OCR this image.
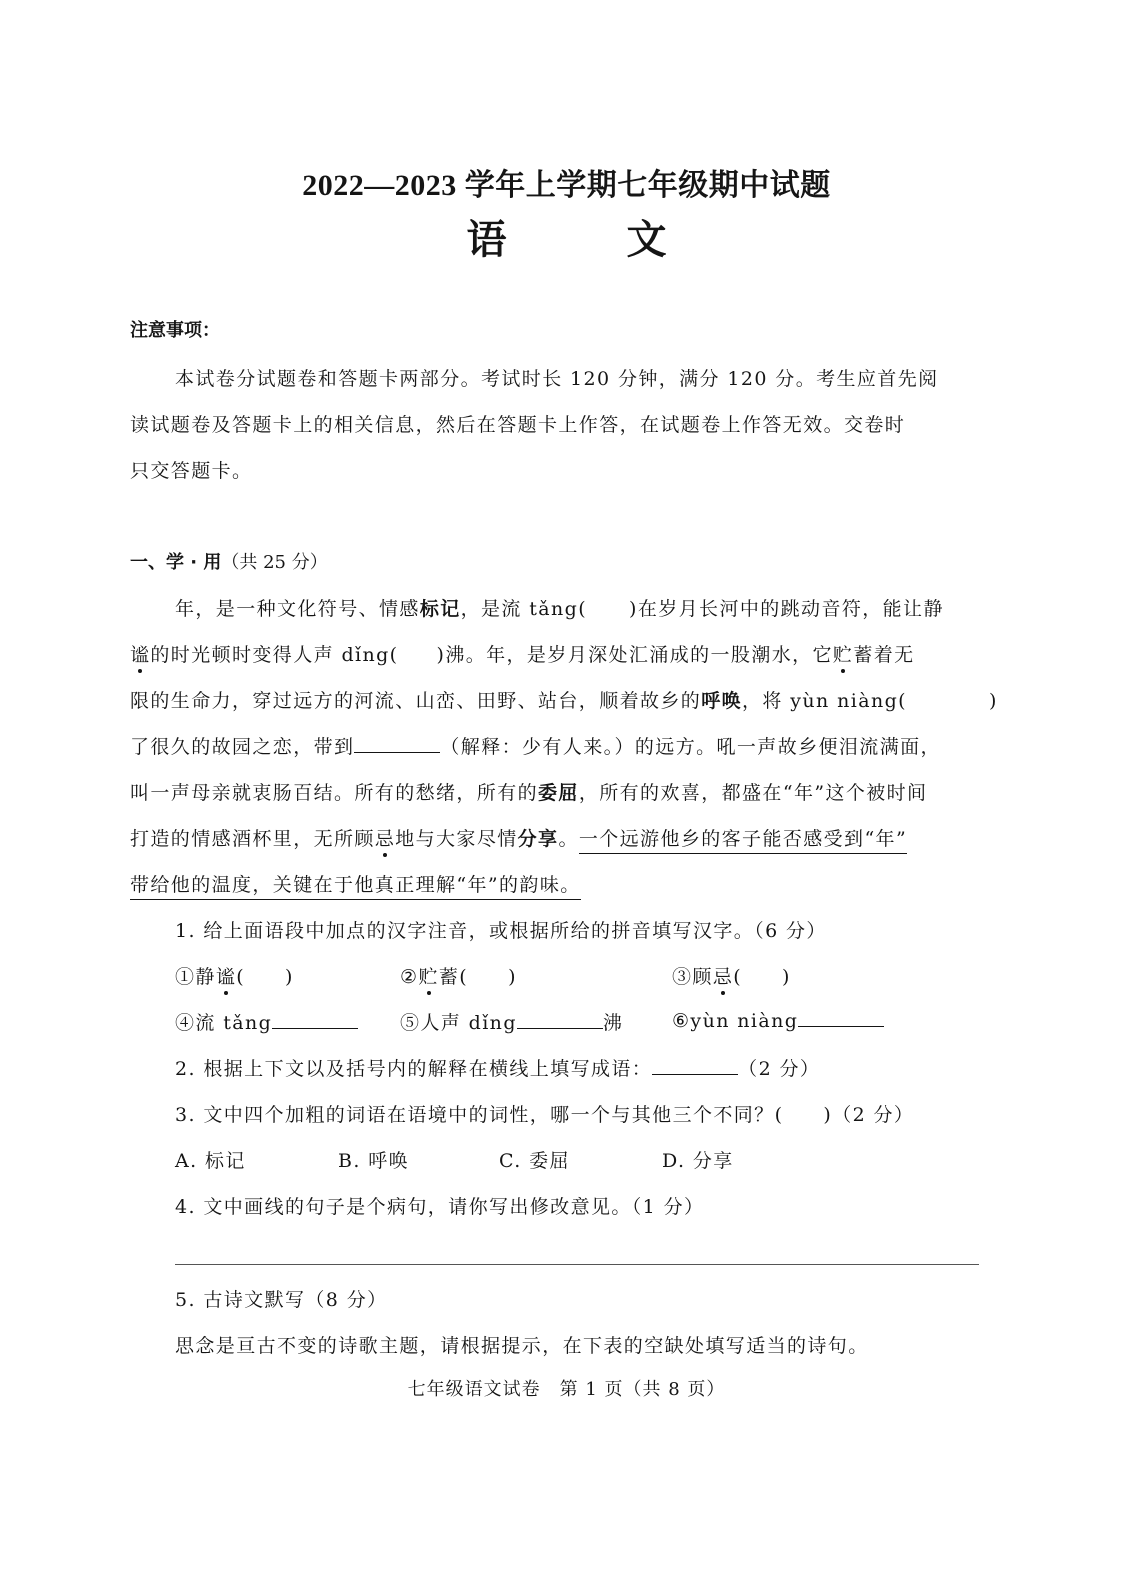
2022—2023 学年上学期七年级期中试题
语	文
注意事项：
本试卷分试题卷和答题卡两部分。考试时长 120 分钟，满分 120 分。考生应首先阅
读试题卷及答题卡上的相关信息，然后在答题卡上作答，在试题卷上作答无效。交卷时
只交答题卡。
一、学 · 用（共 25 分）
年，是一种文化符号、情感标记，是流 tǎng( )在岁月长河中的跳动音符，能让静
谧的时光顿时变得人声 dǐng( )沸。年，是岁月深处汇涌成的一股潮水，它贮蓄着无
限的生命力，穿过远方的河流、山峦、田野、站台，顺着故乡的呼唤，将 yùn niàng(	)
了很久的故园之恋，带到	（解释：少有人来。）的远方。吼一声故乡便泪流满面，
叫一声母亲就衷肠百结。所有的愁绪，所有的委屈，所有的欢喜，都盛在“年”这个被时间
打造的情感酒杯里，无所顾忌地与大家尽情分享。一个远游他乡的客子能否感受到“年”
带给他的温度，关键在于他真正理解“年”的韵味。
1. 给上面语段中加点的汉字注音，或根据所给的拼音填写汉字。（6 分）
①静谧( )	②贮蓄( )	③顾忌( )
④流 tǎng	⑤人声 dǐng	沸	⑥yùn niàng
2. 根据上下文以及括号内的解释在横线上填写成语：	（2 分）
3. 文中四个加粗的词语在语境中的词性，哪一个与其他三个不同？( )（2 分）
A. 标记	B. 呼唤	C. 委屈	D. 分享
4. 文中画线的句子是个病句，请你写出修改意见。（1 分）
5. 古诗文默写（8 分）
思念是亘古不变的诗歌主题，请根据提示，在下表的空缺处填写适当的诗句。
七年级语文试卷　第 1 页（共 8 页）
